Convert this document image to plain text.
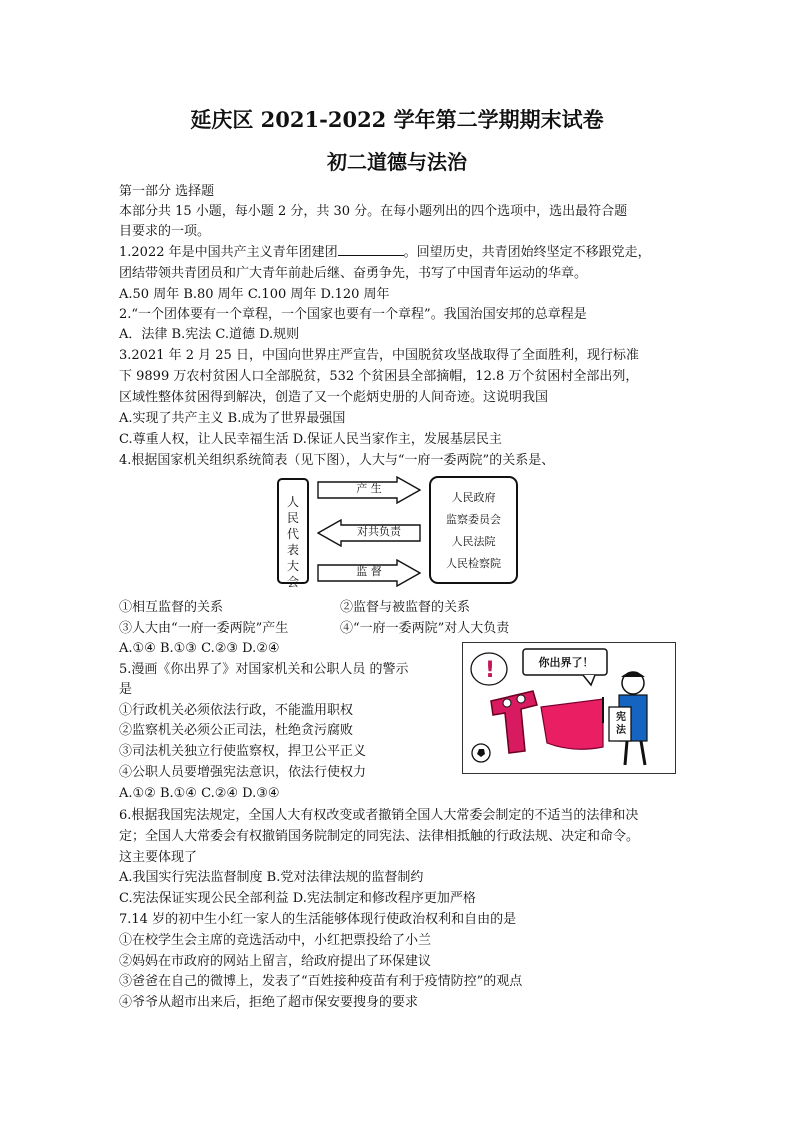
延庆区 2021-2022 学年第二学期期末试卷
初二道德与法治
第一部分 选择题
本部分共 15 小题，每小题 2 分，共 30 分。在每小题列出的四个选项中，选出最符合题
目要求的一项。
1.2022 年是中国共产主义青年团建团	。回望历史，共青团始终坚定不移跟党走，
团结带领共青团员和广大青年前赴后继、奋勇争先，书写了中国青年运动的华章。
A.50 周年 B.80 周年 C.100 周年 D.120 周年
2.“一个团体要有一个章程，一个国家也要有一个章程”。我国治国安邦的总章程是
A．法律 B.宪法 C.道德 D.规则
3.2021 年 2 月 25 日，中国向世界庄严宣告，中国脱贫攻坚战取得了全面胜利，现行标准
下 9899 万农村贫困人口全部脱贫，532 个贫困县全部摘帽，12.8 万个贫困村全部出列，
区域性整体贫困得到解决，创造了又一个彪炳史册的人间奇迹。这说明我国
A.实现了共产主义 B.成为了世界最强国
C.尊重人权，让人民幸福生活 D.保证人民当家作主，发展基层民主
4.根据国家机关组织系统简表（见下图），人大与“一府一委两院”的关系是、
人
民
代
表
大
会
产 生
对共负责
监 督
人民政府
监察委员会
人民法院
人民检察院
①相互监督的关系	②监督与被监督的关系
③人大由“一府一委两院”产生	④“一府一委两院”对人大负责
A.①④ B.①③ C.②③ D.②④
5.漫画《你出界了》对国家机关和公职人员 的警示
是
①行政机关必须依法行政，不能滥用职权
②监察机关必须公正司法，杜绝贪污腐败
③司法机关独立行使监察权，捍卫公平正义
④公职人员要增强宪法意识，依法行使权力
A.①② B.①④ C.②④ D.③④
!	你出界了！
宪
法
6.根据我国宪法规定，全国人大有权改变或者撤销全国人大常委会制定的不适当的法律和决
定；全国人大常委会有权撤销国务院制定的同宪法、法律相抵触的行政法规、决定和命令。
这主要体现了
A.我国实行宪法监督制度 B.党对法律法规的监督制约
C.宪法保证实现公民全部利益 D.宪法制定和修改程序更加严格
7.14 岁的初中生小红一家人的生活能够体现行使政治权利和自由的是
①在校学生会主席的竞选活动中，小红把票投给了小兰
②妈妈在市政府的网站上留言，给政府提出了环保建议
③爸爸在自己的微博上，发表了“百姓接种疫苗有利于疫情防控”的观点
④爷爷从超市出来后，拒绝了超市保安要搜身的要求
